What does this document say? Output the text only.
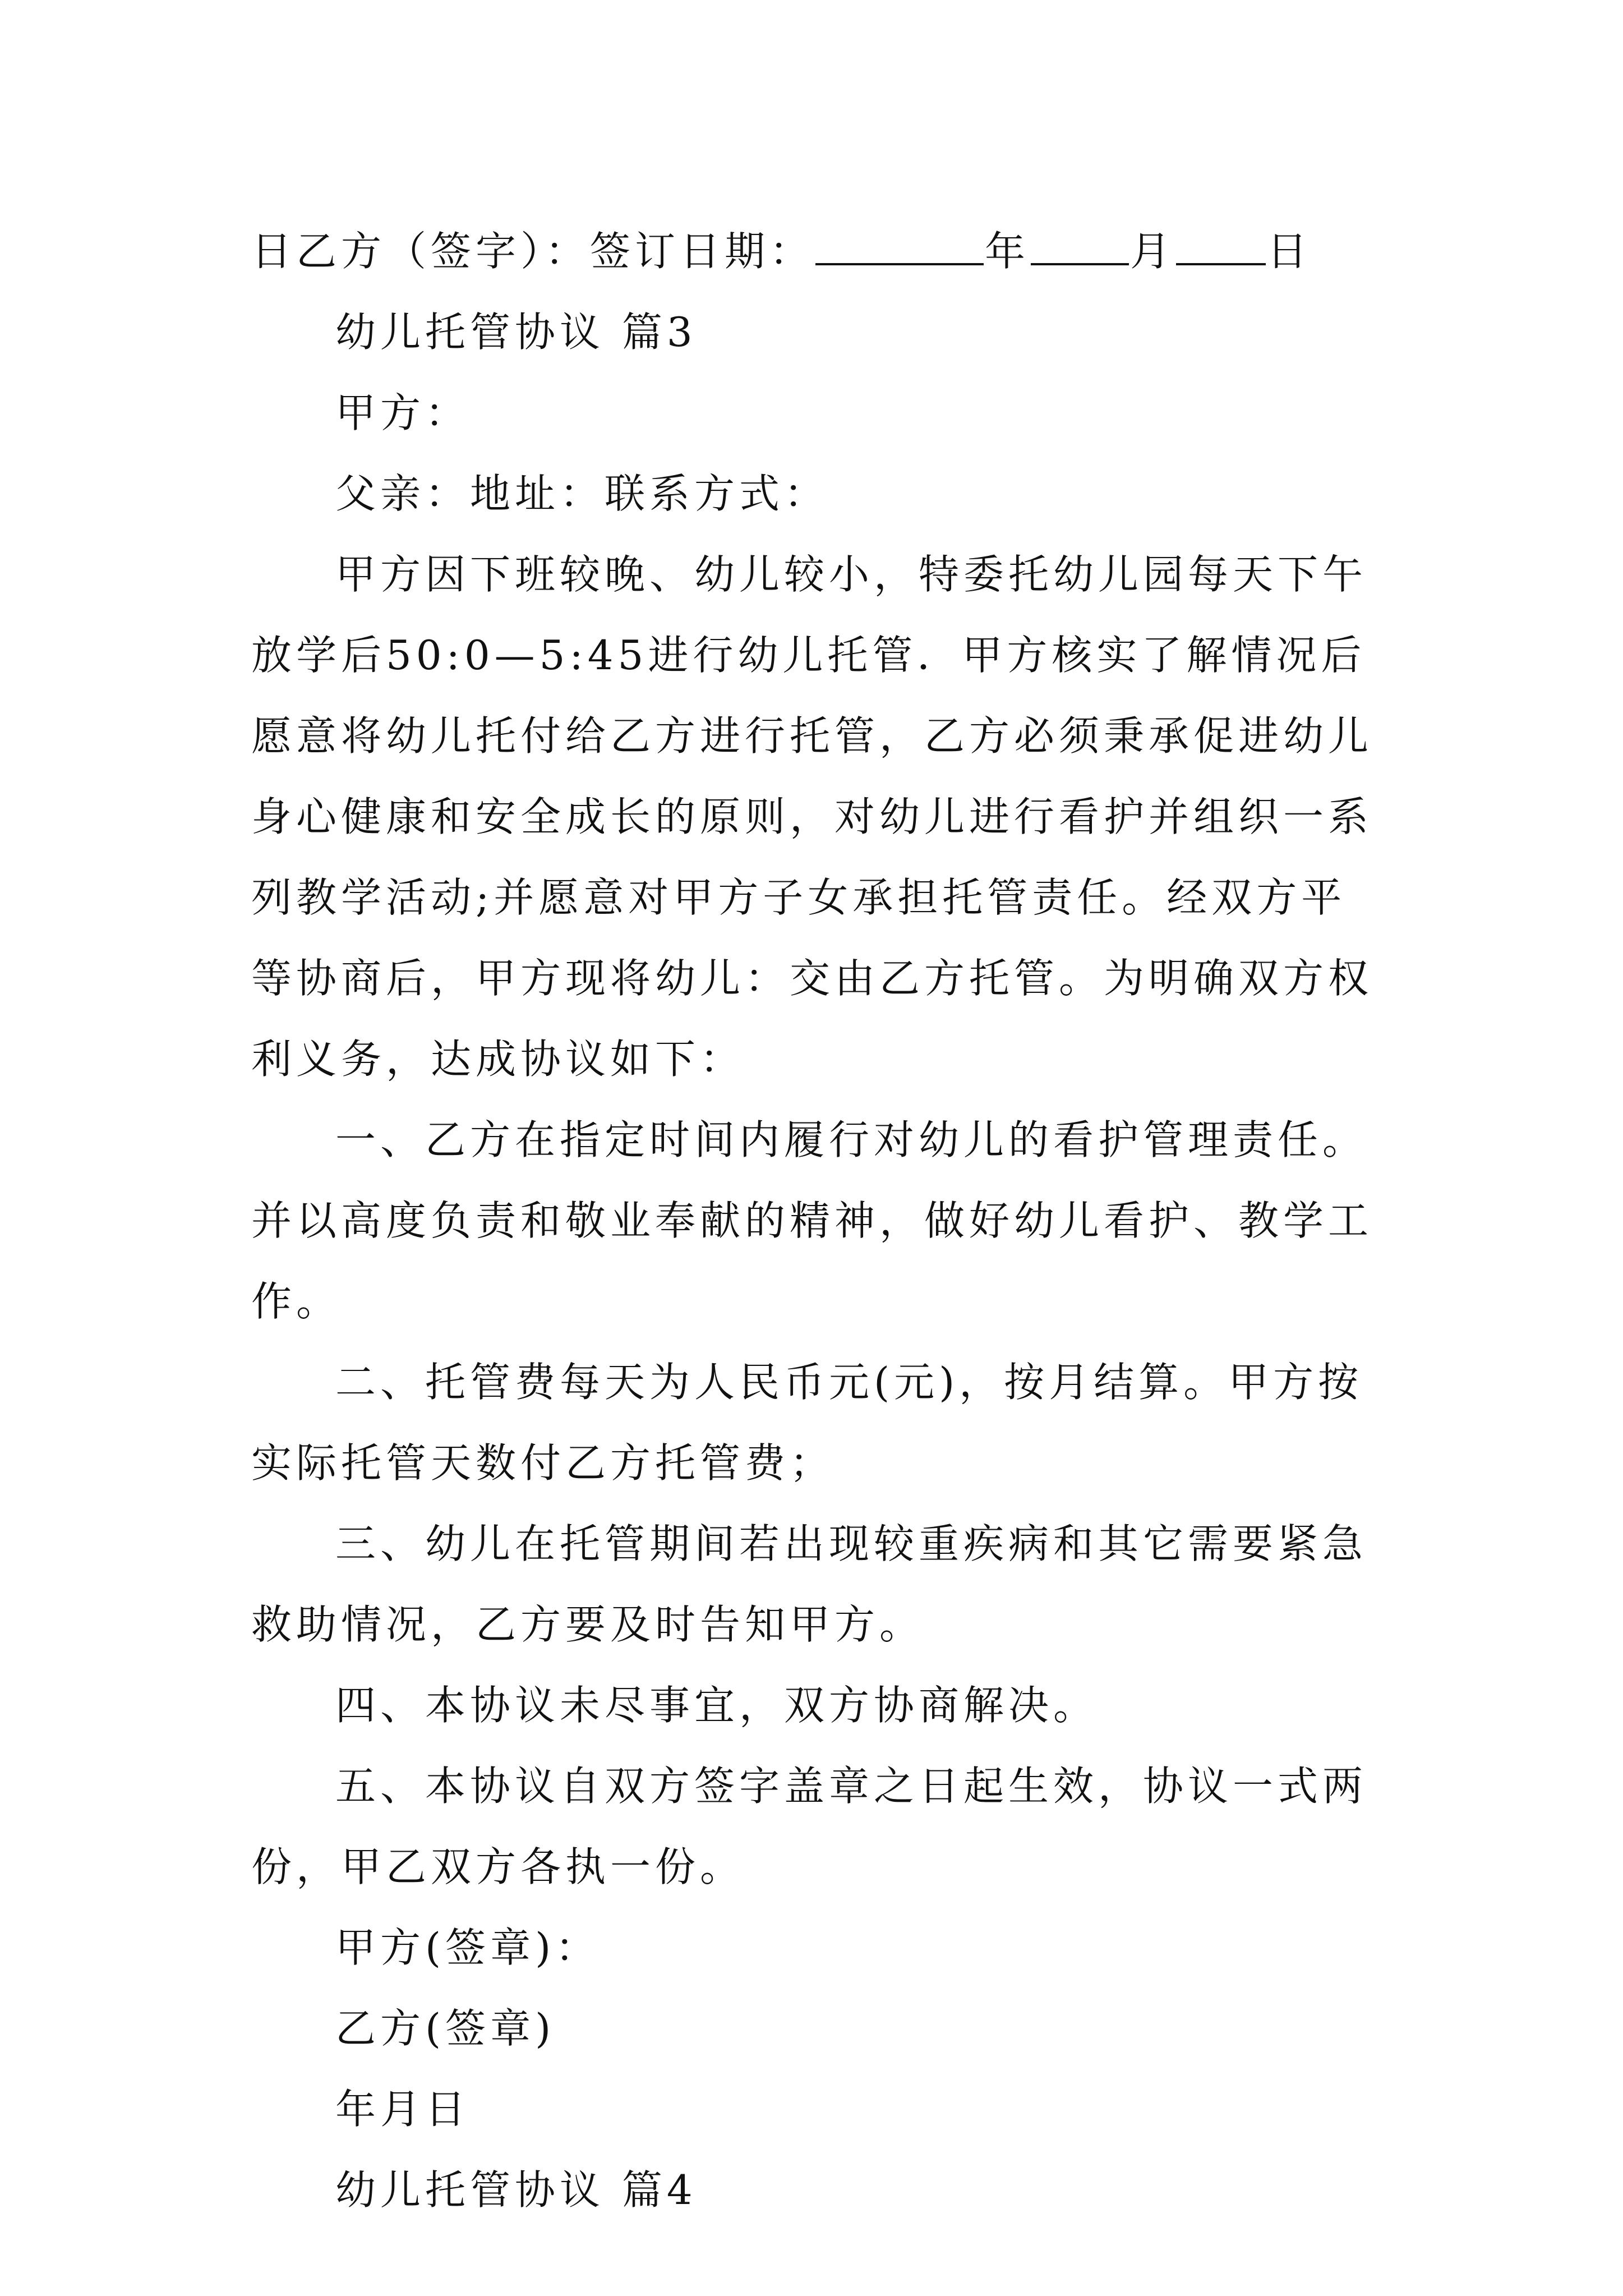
日乙方（签字）：签订日期：	年 月 日

幼儿托管协议 篇3

甲方：

父亲：地址：联系方式：

甲方因下班较晚、幼儿较小，特委托幼儿园每天下午放学后50:0—5:45进行幼儿托管．甲方核实了解情况后愿意将幼儿托付给乙方进行托管，乙方必须秉承促进幼儿身心健康和安全成长的原则，对幼儿进行看护并组织一系列教学活动;并愿意对甲方子女承担托管责任。经双方平等协商后，甲方现将幼儿：交由乙方托管。为明确双方权利义务，达成协议如下：

一、乙方在指定时间内履行对幼儿的看护管理责任。并以高度负责和敬业奉献的精神，做好幼儿看护、教学工作。

二、托管费每天为人民币元(元)，按月结算。甲方按实际托管天数付乙方托管费；

三、幼儿在托管期间若出现较重疾病和其它需要紧急救助情况，乙方要及时告知甲方。

四、本协议未尽事宜，双方协商解决。

五、本协议自双方签字盖章之日起生效，协议一式两份，甲乙双方各执一份。

甲方(签章)：

乙方(签章)

年月日

幼儿托管协议 篇4
